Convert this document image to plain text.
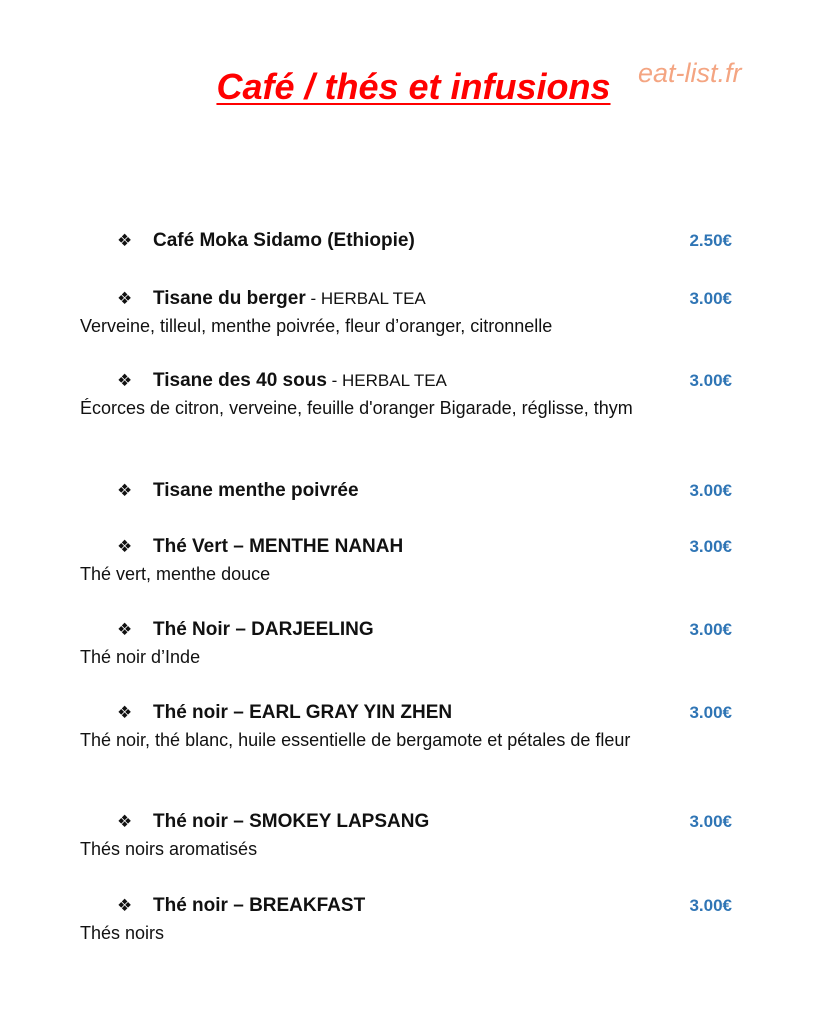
Café / thés et infusions	eat-list.fr
❖ Café Moka Sidamo (Ethiopie)	2.50€
❖ Tisane du berger - HERBAL TEA	3.00€
Verveine, tilleul, menthe poivrée, fleur d’oranger, citronnelle
❖ Tisane des 40 sous - HERBAL TEA	3.00€
Écorces de citron, verveine, feuille d'oranger Bigarade, réglisse, thym
❖ Tisane menthe poivrée	3.00€
❖ Thé Vert – MENTHE NANAH	3.00€
Thé vert, menthe douce
❖ Thé Noir – DARJEELING	3.00€
Thé noir d’Inde
❖ Thé noir – EARL GRAY YIN ZHEN	3.00€
Thé noir, thé blanc, huile essentielle de bergamote et pétales de fleur
❖ Thé noir – SMOKEY LAPSANG	3.00€
Thés noirs aromatisés
❖ Thé noir – BREAKFAST	3.00€
Thés noirs
